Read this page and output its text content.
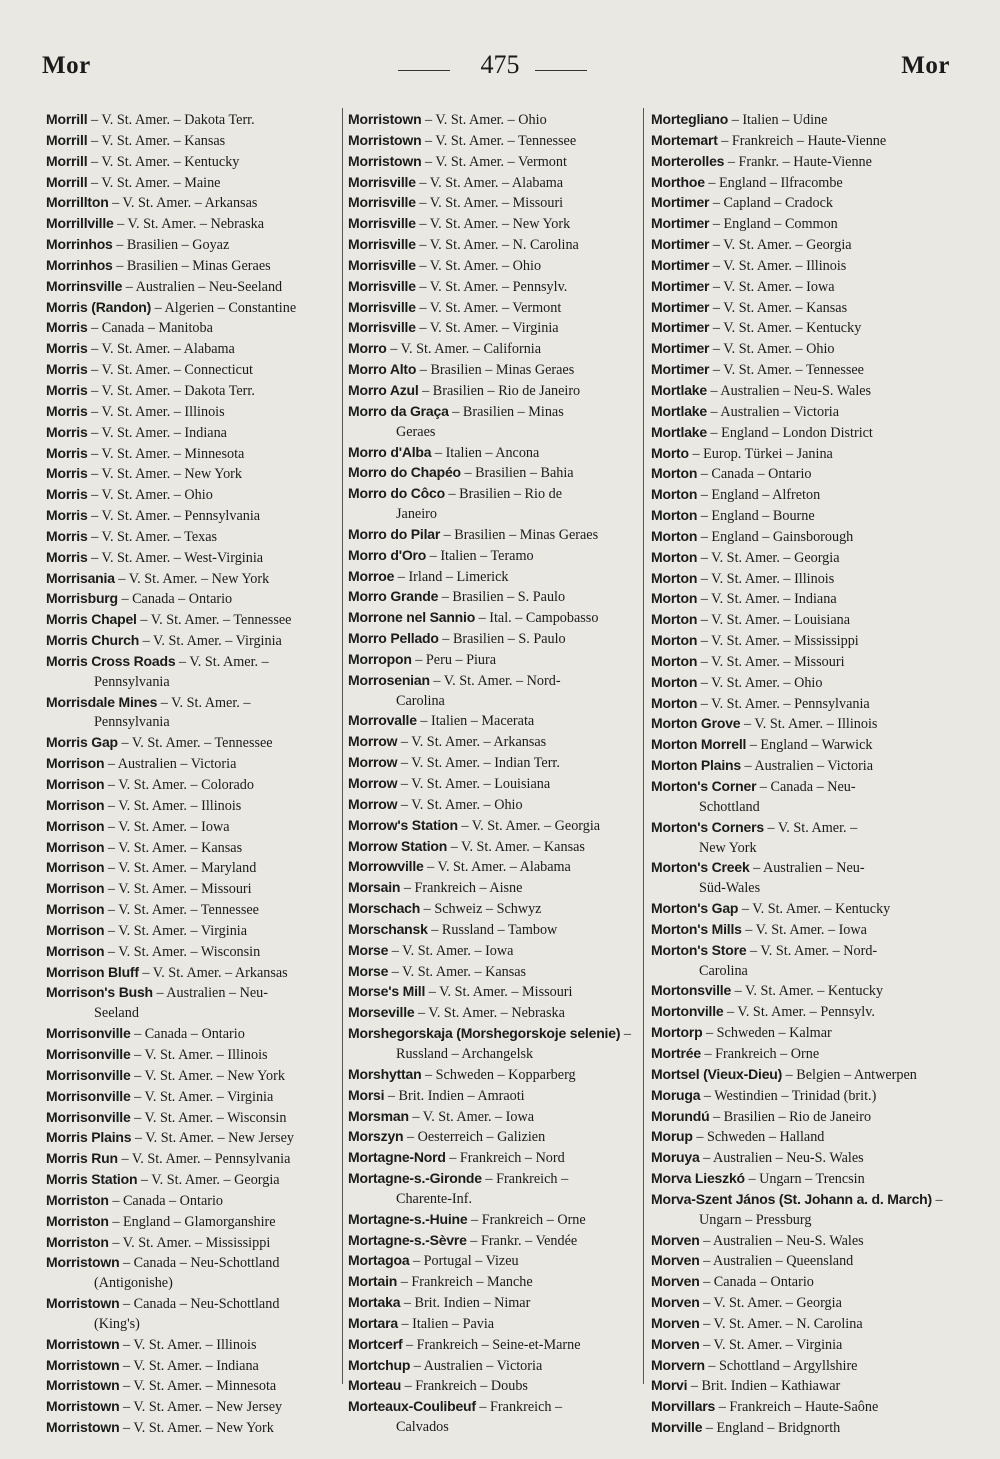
Mor	475	Mor
Morrill – V. St. Amer. – Dakota Terr.
Morrill – V. St. Amer. – Kansas
Morrill – V. St. Amer. – Kentucky
Morrill – V. St. Amer. – Maine
Morrillton – V. St. Amer. – Arkansas
Morrillville – V. St. Amer. – Nebraska
Morrinhos – Brasilien – Goyaz
Morrinhos – Brasilien – Minas Geraes
Morrinsville – Australien – Neu-Seeland
Morris (Randon) – Algerien – Constantine
Morris – Canada – Manitoba
Morris – V. St. Amer. – Alabama
Morris – V. St. Amer. – Connecticut
Morris – V. St. Amer. – Dakota Terr.
Morris – V. St. Amer. – Illinois
Morris – V. St. Amer. – Indiana
Morris – V. St. Amer. – Minnesota
Morris – V. St. Amer. – New York
Morris – V. St. Amer. – Ohio
Morris – V. St. Amer. – Pennsylvania
Morris – V. St. Amer. – Texas
Morris – V. St. Amer. – West-Virginia
Morrisania – V. St. Amer. – New York
Morrisburg – Canada – Ontario
Morris Chapel – V. St. Amer. – Tennessee
Morris Church – V. St. Amer. – Virginia
Morris Cross Roads – V. St. Amer. –
Pennsylvania
Morrisdale Mines – V. St. Amer. –
Pennsylvania
Morris Gap – V. St. Amer. – Tennessee
Morrison – Australien – Victoria
Morrison – V. St. Amer. – Colorado
Morrison – V. St. Amer. – Illinois
Morrison – V. St. Amer. – Iowa
Morrison – V. St. Amer. – Kansas
Morrison – V. St. Amer. – Maryland
Morrison – V. St. Amer. – Missouri
Morrison – V. St. Amer. – Tennessee
Morrison – V. St. Amer. – Virginia
Morrison – V. St. Amer. – Wisconsin
Morrison Bluff – V. St. Amer. – Arkansas
Morrison's Bush – Australien – Neu-
Seeland
Morrisonville – Canada – Ontario
Morrisonville – V. St. Amer. – Illinois
Morrisonville – V. St. Amer. – New York
Morrisonville – V. St. Amer. – Virginia
Morrisonville – V. St. Amer. – Wisconsin
Morris Plains – V. St. Amer. – New Jersey
Morris Run – V. St. Amer. – Pennsylvania
Morris Station – V. St. Amer. – Georgia
Morriston – Canada – Ontario
Morriston – England – Glamorganshire
Morriston – V. St. Amer. – Mississippi
Morristown – Canada – Neu-Schottland
(Antigonishe)
Morristown – Canada – Neu-Schottland
(King's)
Morristown – V. St. Amer. – Illinois
Morristown – V. St. Amer. – Indiana
Morristown – V. St. Amer. – Minnesota
Morristown – V. St. Amer. – New Jersey
Morristown – V. St. Amer. – New York
Morristown – V. St. Amer. – Ohio
Morristown – V. St. Amer. – Tennessee
Morristown – V. St. Amer. – Vermont
Morrisville – V. St. Amer. – Alabama
Morrisville – V. St. Amer. – Missouri
Morrisville – V. St. Amer. – New York
Morrisville – V. St. Amer. – N. Carolina
Morrisville – V. St. Amer. – Ohio
Morrisville – V. St. Amer. – Pennsylv.
Morrisville – V. St. Amer. – Vermont
Morrisville – V. St. Amer. – Virginia
Morro – V. St. Amer. – California
Morro Alto – Brasilien – Minas Geraes
Morro Azul – Brasilien – Rio de Janeiro
Morro da Graça – Brasilien – Minas
Geraes
Morro d'Alba – Italien – Ancona
Morro do Chapéo – Brasilien – Bahia
Morro do Côco – Brasilien – Rio de
Janeiro
Morro do Pilar – Brasilien – Minas Geraes
Morro d'Oro – Italien – Teramo
Morroe – Irland – Limerick
Morro Grande – Brasilien – S. Paulo
Morrone nel Sannio – Ital. – Campobasso
Morro Pellado – Brasilien – S. Paulo
Morropon – Peru – Piura
Morrosenian – V. St. Amer. – Nord-
Carolina
Morrovalle – Italien – Macerata
Morrow – V. St. Amer. – Arkansas
Morrow – V. St. Amer. – Indian Terr.
Morrow – V. St. Amer. – Louisiana
Morrow – V. St. Amer. – Ohio
Morrow's Station – V. St. Amer. – Georgia
Morrow Station – V. St. Amer. – Kansas
Morrowville – V. St. Amer. – Alabama
Morsain – Frankreich – Aisne
Morschach – Schweiz – Schwyz
Morschansk – Russland – Tambow
Morse – V. St. Amer. – Iowa
Morse – V. St. Amer. – Kansas
Morse's Mill – V. St. Amer. – Missouri
Morseville – V. St. Amer. – Nebraska
Morshegorskaja (Morshegorskoje selenie) –
Russland – Archangelsk
Morshyttan – Schweden – Kopparberg
Morsi – Brit. Indien – Amraoti
Morsman – V. St. Amer. – Iowa
Morszyn – Oesterreich – Galizien
Mortagne-Nord – Frankreich – Nord
Mortagne-s.-Gironde – Frankreich –
Charente-Inf.
Mortagne-s.-Huine – Frankreich – Orne
Mortagne-s.-Sèvre – Frankr. – Vendée
Mortagoa – Portugal – Vizeu
Mortain – Frankreich – Manche
Mortaka – Brit. Indien – Nimar
Mortara – Italien – Pavia
Mortcerf – Frankreich – Seine-et-Marne
Mortchup – Australien – Victoria
Morteau – Frankreich – Doubs
Morteaux-Coulibeuf – Frankreich –
Calvados
Mortegliano – Italien – Udine
Mortemart – Frankreich – Haute-Vienne
Morterolles – Frankr. – Haute-Vienne
Morthoe – England – Ilfracombe
Mortimer – Capland – Cradock
Mortimer – England – Common
Mortimer – V. St. Amer. – Georgia
Mortimer – V. St. Amer. – Illinois
Mortimer – V. St. Amer. – Iowa
Mortimer – V. St. Amer. – Kansas
Mortimer – V. St. Amer. – Kentucky
Mortimer – V. St. Amer. – Ohio
Mortimer – V. St. Amer. – Tennessee
Mortlake – Australien – Neu-S. Wales
Mortlake – Australien – Victoria
Mortlake – England – London District
Morto – Europ. Türkei – Janina
Morton – Canada – Ontario
Morton – England – Alfreton
Morton – England – Bourne
Morton – England – Gainsborough
Morton – V. St. Amer. – Georgia
Morton – V. St. Amer. – Illinois
Morton – V. St. Amer. – Indiana
Morton – V. St. Amer. – Louisiana
Morton – V. St. Amer. – Mississippi
Morton – V. St. Amer. – Missouri
Morton – V. St. Amer. – Ohio
Morton – V. St. Amer. – Pennsylvania
Morton Grove – V. St. Amer. – Illinois
Morton Morrell – England – Warwick
Morton Plains – Australien – Victoria
Morton's Corner – Canada – Neu-
Schottland
Morton's Corners – V. St. Amer. –
New York
Morton's Creek – Australien – Neu-
Süd-Wales
Morton's Gap – V. St. Amer. – Kentucky
Morton's Mills – V. St. Amer. – Iowa
Morton's Store – V. St. Amer. – Nord-
Carolina
Mortonsville – V. St. Amer. – Kentucky
Mortonville – V. St. Amer. – Pennsylv.
Mortorp – Schweden – Kalmar
Mortrée – Frankreich – Orne
Mortsel (Vieux-Dieu) – Belgien – Antwerpen
Moruga – Westindien – Trinidad (brit.)
Morundú – Brasilien – Rio de Janeiro
Morup – Schweden – Halland
Moruya – Australien – Neu-S. Wales
Morva Lieszkó – Ungarn – Trencsin
Morva-Szent János (St. Johann a. d. March) –
Ungarn – Pressburg
Morven – Australien – Neu-S. Wales
Morven – Australien – Queensland
Morven – Canada – Ontario
Morven – V. St. Amer. – Georgia
Morven – V. St. Amer. – N. Carolina
Morven – V. St. Amer. – Virginia
Morvern – Schottland – Argyllshire
Morvi – Brit. Indien – Kathiawar
Morvillars – Frankreich – Haute-Saône
Morville – England – Bridgnorth
